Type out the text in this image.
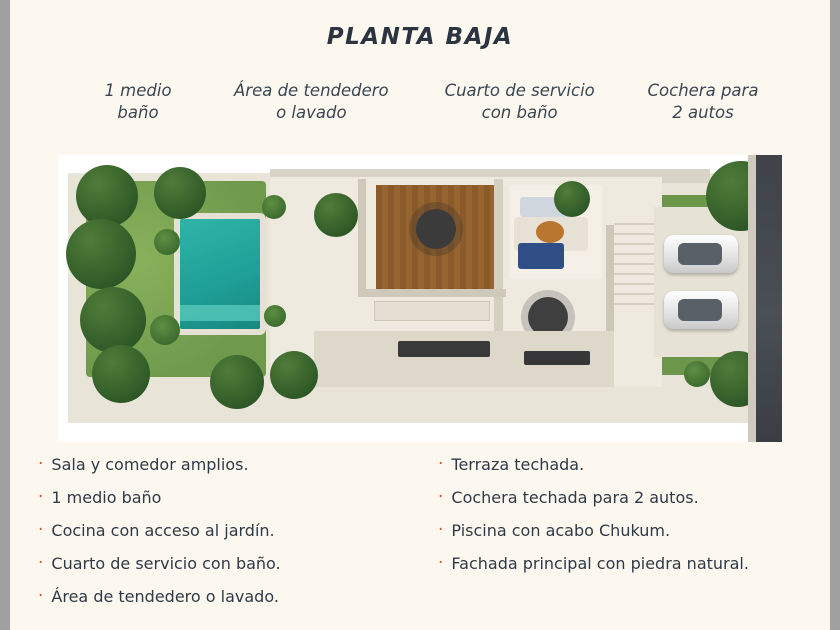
PLANTA BAJA
1 medio
baño
Área de tendedero
o lavado
Cuarto de servicio
con baño
Cochera para
2 autos
· Sala y comedor amplios.
· 1 medio baño
· Cocina con acceso al jardín.
· Cuarto de servicio con baño.
· Área de tendedero o lavado.
· Terraza techada.
· Cochera techada para 2 autos.
· Piscina con acabo Chukum.
· Fachada principal con piedra natural.
